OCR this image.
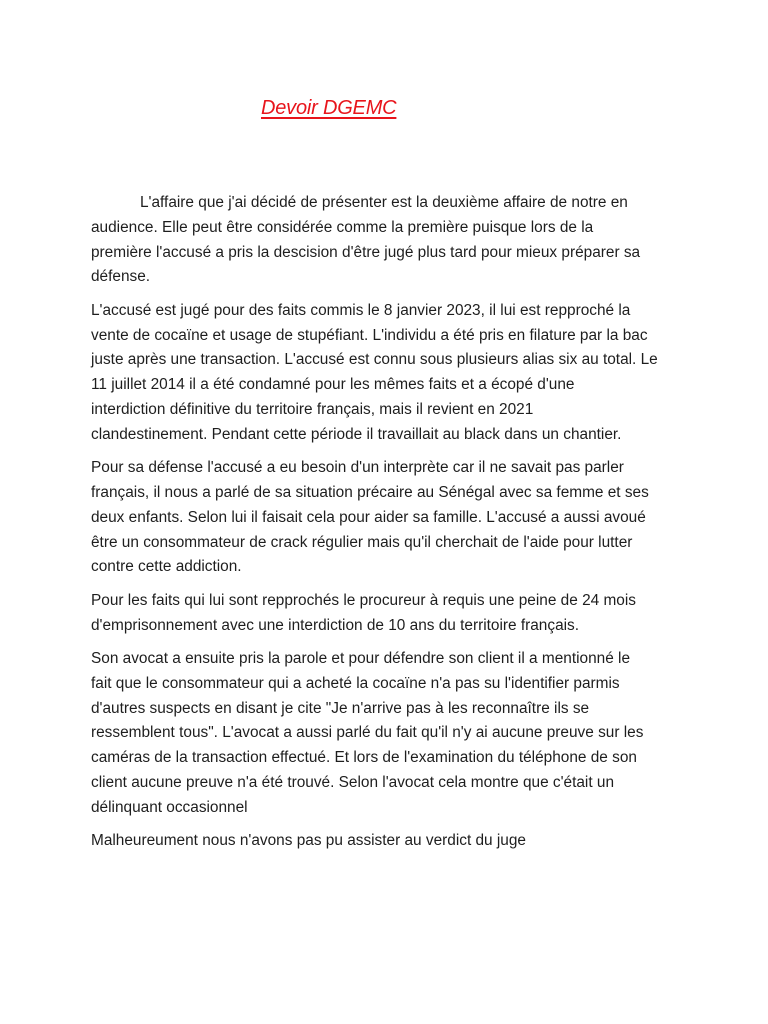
Devoir DGEMC

L'affaire que j'ai décidé de présenter est la deuxième affaire de notre en
audience. Elle peut être considérée comme la première puisque lors de la
première l'accusé a pris la descision d'être jugé plus tard pour mieux préparer sa
défense.

L'accusé est jugé pour des faits commis le 8 janvier 2023, il lui est repproché la
vente de cocaïne et usage de stupéfiant. L'individu a été pris en filature par la bac
juste après une transaction. L'accusé est connu sous plusieurs alias six au total. Le
11 juillet 2014 il a été condamné pour les mêmes faits et a écopé d'une
interdiction définitive du territoire français, mais il revient en 2021
clandestinement. Pendant cette période il travaillait au black dans un chantier.

Pour sa défense l'accusé a eu besoin d'un interprète car il ne savait pas parler
français, il nous a parlé de sa situation précaire au Sénégal avec sa femme et ses
deux enfants. Selon lui il faisait cela pour aider sa famille. L'accusé a aussi avoué
être un consommateur de crack régulier mais qu'il cherchait de l'aide pour lutter
contre cette addiction.

Pour les faits qui lui sont repprochés le procureur à requis une peine de 24 mois
d'emprisonnement avec une interdiction de 10 ans du territoire français.

Son avocat a ensuite pris la parole et pour défendre son client il a mentionné le
fait que le consommateur qui a acheté la cocaïne n'a pas su l'identifier parmis
d'autres suspects en disant je cite "Je n'arrive pas à les reconnaître ils se
ressemblent tous". L'avocat a aussi parlé du fait qu'il n'y ai aucune preuve sur les
caméras de la transaction effectué. Et lors de l'examination du téléphone de son
client aucune preuve n'a été trouvé. Selon l'avocat cela montre que c'était un
délinquant occasionnel

Malheureument nous n'avons pas pu assister au verdict du juge
